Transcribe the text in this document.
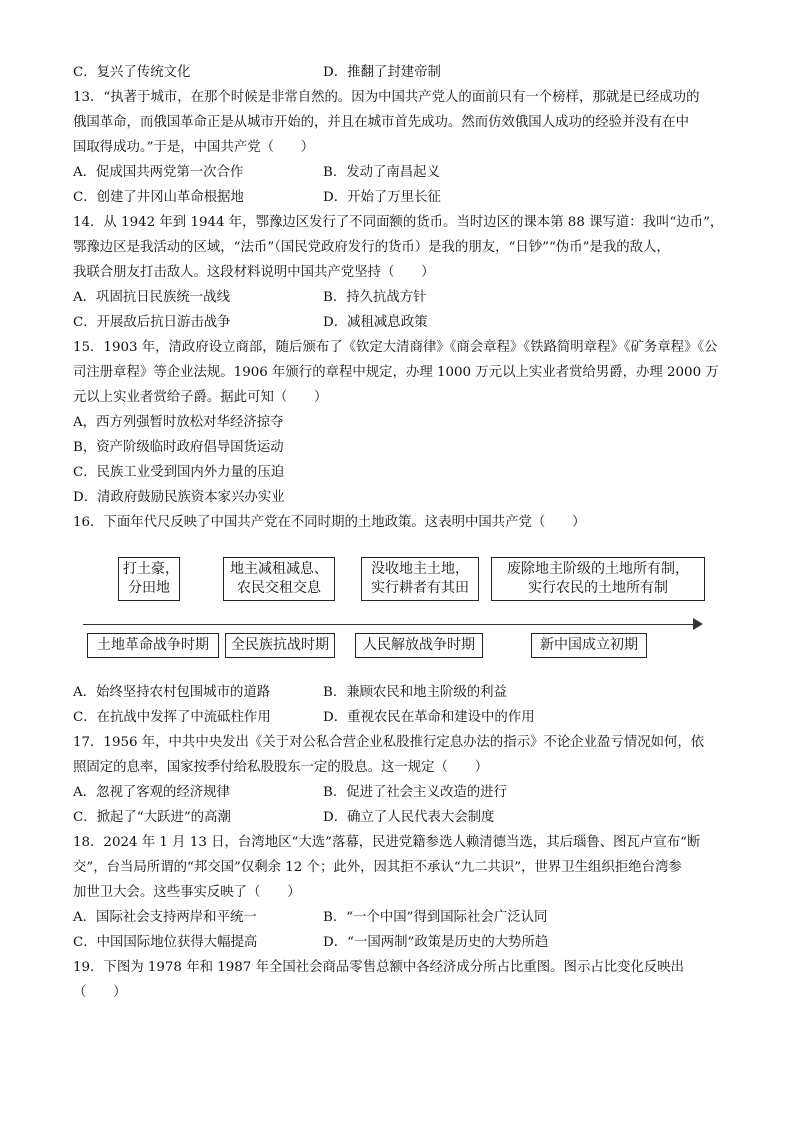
C．复兴了传统文化	D．推翻了封建帝制
13．“执著于城市，在那个时候是非常自然的。因为中国共产党人的面前只有一个榜样，那就是已经成功的
俄国革命，而俄国革命正是从城市开始的，并且在城市首先成功。然而仿效俄国人成功的经验并没有在中
国取得成功。”于是，中国共产党（　　）
A．促成国共两党第一次合作	B．发动了南昌起义
C．创建了井冈山革命根据地	D．开始了万里长征
14．从 1942 年到 1944 年，鄂豫边区发行了不同面额的货币。当时边区的课本第 88 课写道：我叫“边币”，
鄂豫边区是我活动的区域，“法币”（国民党政府发行的货币）是我的朋友，“日钞”“伪币”是我的敌人，
我联合朋友打击敌人。这段材料说明中国共产党坚持（　　）
A．巩固抗日民族统一战线	B．持久抗战方针
C．开展敌后抗日游击战争	D．减租减息政策
15．1903 年，清政府设立商部，随后颁布了《钦定大清商律》《商会章程》《铁路简明章程》《矿务章程》《公
司注册章程》等企业法规。1906 年颁行的章程中规定，办理 1000 万元以上实业者赏给男爵，办理 2000 万
元以上实业者赏给子爵。据此可知（　　）
A，西方列强暂时放松对华经济掠夺
B，资产阶级临时政府倡导国货运动
C．民族工业受到国内外力量的压迫
D．清政府鼓励民族资本家兴办实业
16．下面年代尺反映了中国共产党在不同时期的土地政策。这表明中国共产党（　　）
打土豪，
分田地
地主减租减息、
农民交租交息
没收地主土地，
实行耕者有其田
废除地主阶级的土地所有制，
实行农民的土地所有制
土地革命战争时期	全民族抗战时期	人民解放战争时期	新中国成立初期
A．始终坚持农村包围城市的道路	B．兼顾农民和地主阶级的利益
C．在抗战中发挥了中流砥柱作用	D．重视农民在革命和建设中的作用
17．1956 年，中共中央发出《关于对公私合营企业私股推行定息办法的指示》不论企业盈亏情况如何，依
照固定的息率，国家按季付给私股股东一定的股息。这一规定（　　）
A．忽视了客观的经济规律	B．促进了社会主义改造的进行
C．掀起了“大跃进”的高潮	D．确立了人民代表大会制度
18．2024 年 1 月 13 日，台湾地区“大选”落幕，民进党籍参选人赖清德当选，其后瑙鲁、图瓦卢宣布“断
交”，台当局所谓的“邦交国”仅剩余 12 个；此外，因其拒不承认“九二共识”，世界卫生组织拒绝台湾参
加世卫大会。这些事实反映了（　　）
A．国际社会支持两岸和平统一	B．“一个中国”得到国际社会广泛认同
C．中国国际地位获得大幅提高	D．“一国两制”政策是历史的大势所趋
19．下图为 1978 年和 1987 年全国社会商品零售总额中各经济成分所占比重图。图示占比变化反映出
（　　）
